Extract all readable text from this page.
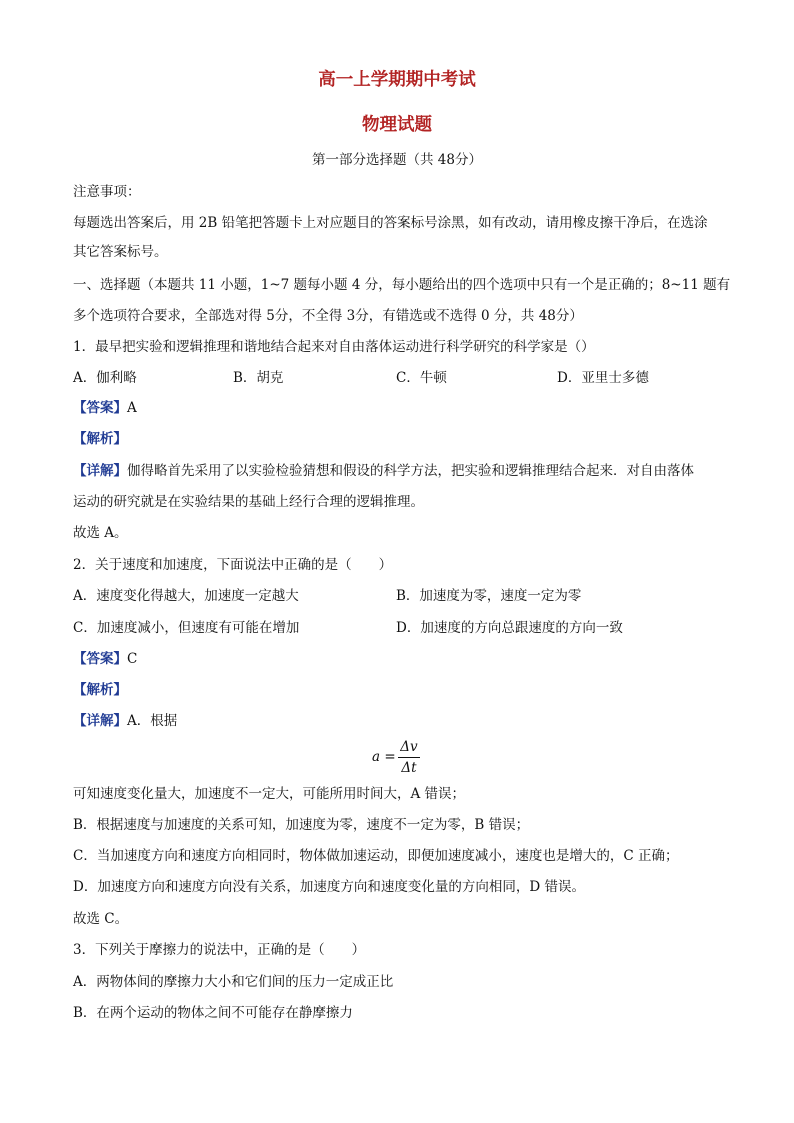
高一上学期期中考试
物理试题
第一部分选择题（共 48分）
注意事项：
每题选出答案后，用 2B 铅笔把答题卡上对应题目的答案标号涂黑，如有改动，请用橡皮擦干净后，在选涂
其它答案标号。
一、选择题（本题共 11 小题，1~7 题每小题 4 分，每小题给出的四个选项中只有一个是正确的；8~11 题有
多个选项符合要求，全部选对得 5分，不全得 3分，有错选或不选得 0 分，共 48分）
1．最早把实验和逻辑推理和谐地结合起来对自由落体运动进行科学研究的科学家是（）
A．伽利略	B．胡克	C．牛顿	D．亚里士多德
【答案】A
【解析】
【详解】伽得略首先采用了以实验检验猜想和假设的科学方法，把实验和逻辑推理结合起来．对自由落体
运动的研究就是在实验结果的基础上经行合理的逻辑推理。
故选 A。
2．关于速度和加速度，下面说法中正确的是（　　）
A．速度变化得越大，加速度一定越大	B．加速度为零，速度一定为零
C．加速度减小，但速度有可能在增加	D．加速度的方向总跟速度的方向一致
【答案】C
【解析】
【详解】A．根据
a =
Δv
Δt
可知速度变化量大，加速度不一定大，可能所用时间大，A 错误；
B．根据速度与加速度的关系可知，加速度为零，速度不一定为零，B 错误；
C．当加速度方向和速度方向相同时，物体做加速运动，即便加速度减小，速度也是增大的，C 正确；
D．加速度方向和速度方向没有关系，加速度方向和速度变化量的方向相同，D 错误。
故选 C。
3．下列关于摩擦力的说法中，正确的是（　　）
A．两物体间的摩擦力大小和它们间的压力一定成正比
B．在两个运动的物体之间不可能存在静摩擦力
